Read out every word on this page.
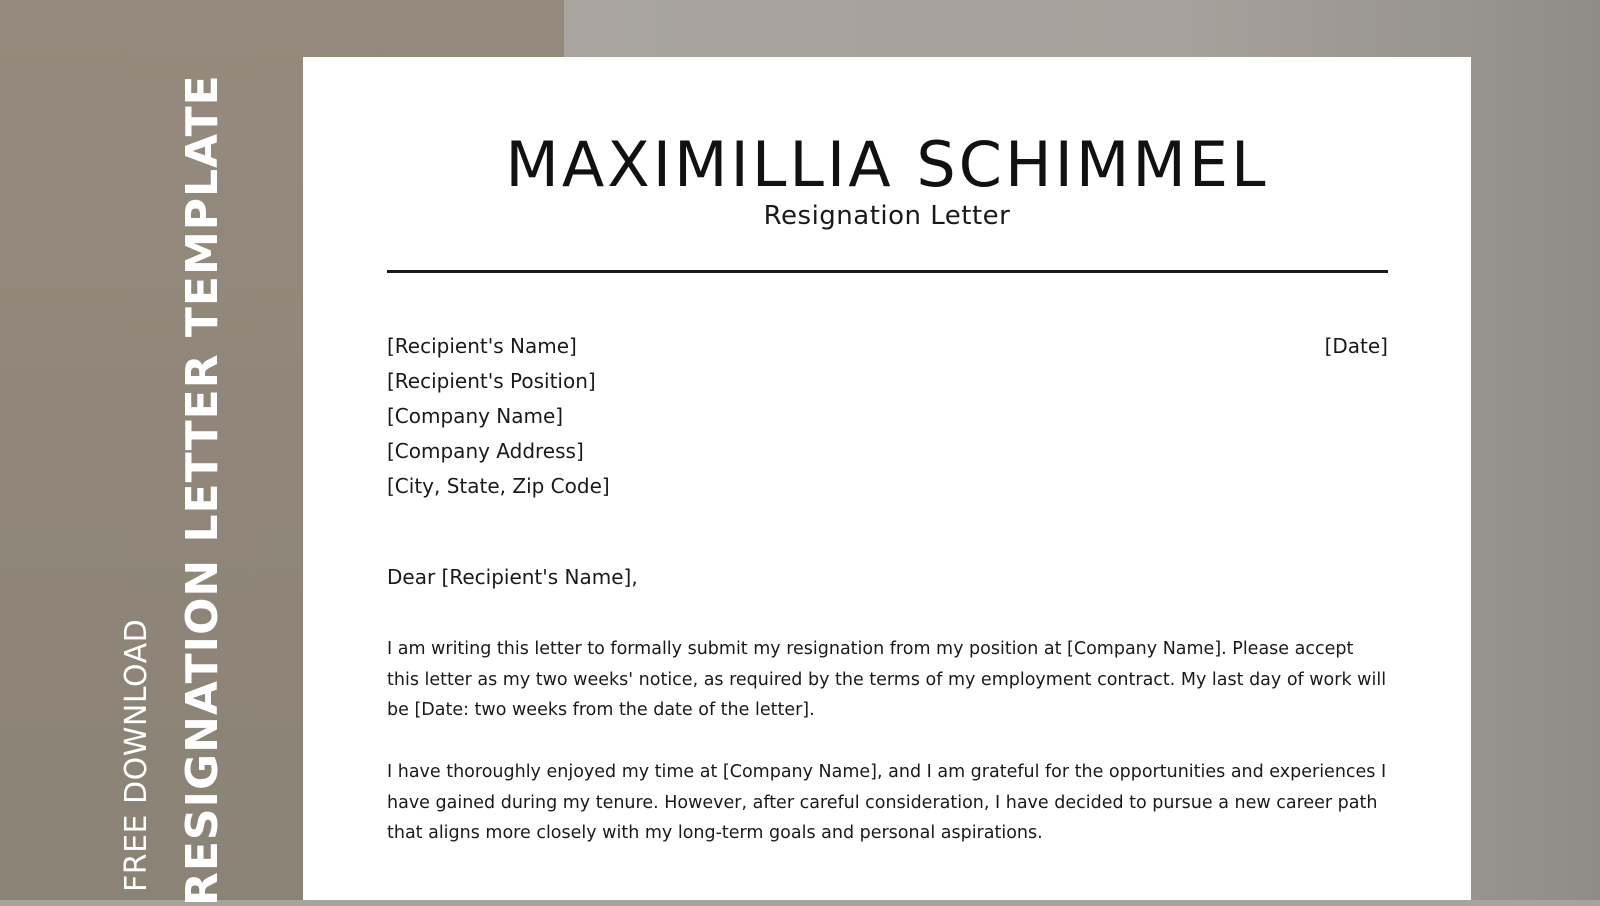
RESIGNATION LETTER TEMPLATE
FREE DOWNLOAD
MAXIMILLIA SCHIMMEL
Resignation Letter
[Recipient's Name]
[Recipient's Position]
[Company Name]
[Company Address]
[City, State, Zip Code]
[Date]
Dear [Recipient's Name],

I am writing this letter to formally submit my resignation from my position at [Company Name]. Please accept this letter as my two weeks' notice, as required by the terms of my employment contract. My last day of work will be [Date: two weeks from the date of the letter].

I have thoroughly enjoyed my time at [Company Name], and I am grateful for the opportunities and experiences I have gained during my tenure. However, after careful consideration, I have decided to pursue a new career path that aligns more closely with my long-term goals and personal aspirations.
